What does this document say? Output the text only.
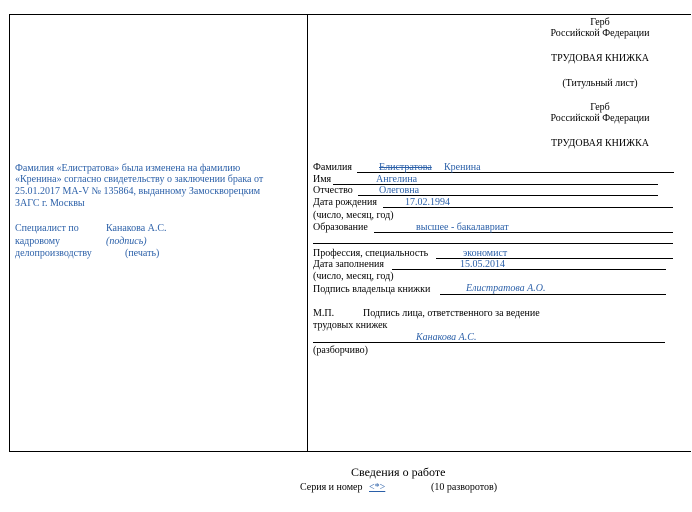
Герб
Российской Федерации
ТРУДОВАЯ КНИЖКА
(Титульный лист)
Герб
Российской Федерации
ТРУДОВАЯ КНИЖКА
Фамилия «Елистратова» была изменена на фамилию
«Кренина» согласно свидетельству о заключении брака от
25.01.2017 МА-V № 135864, выданному Замоскворецким
ЗАГС г. Москвы
Специалист по	Канакова А.С.
кадровому	(подпись)
делопроизводству	(печать)
Фамилия	Елистратова Кренина
Имя	Ангелина
Отчество	Олеговна
Дата рождения	17.02.1994
(число, месяц, год)
Образование	высшее - бакалавриат
Профессия, специальность	экономист
Дата заполнения	15.05.2014
(число, месяц, год)
Подпись владельца книжки	Елистратова А.О.
М.П.	Подпись лица, ответственного за ведение
трудовых книжек
Канакова А.С.
(разборчиво)
Сведения о работе
Серия и номер <*>	(10 разворотов)
